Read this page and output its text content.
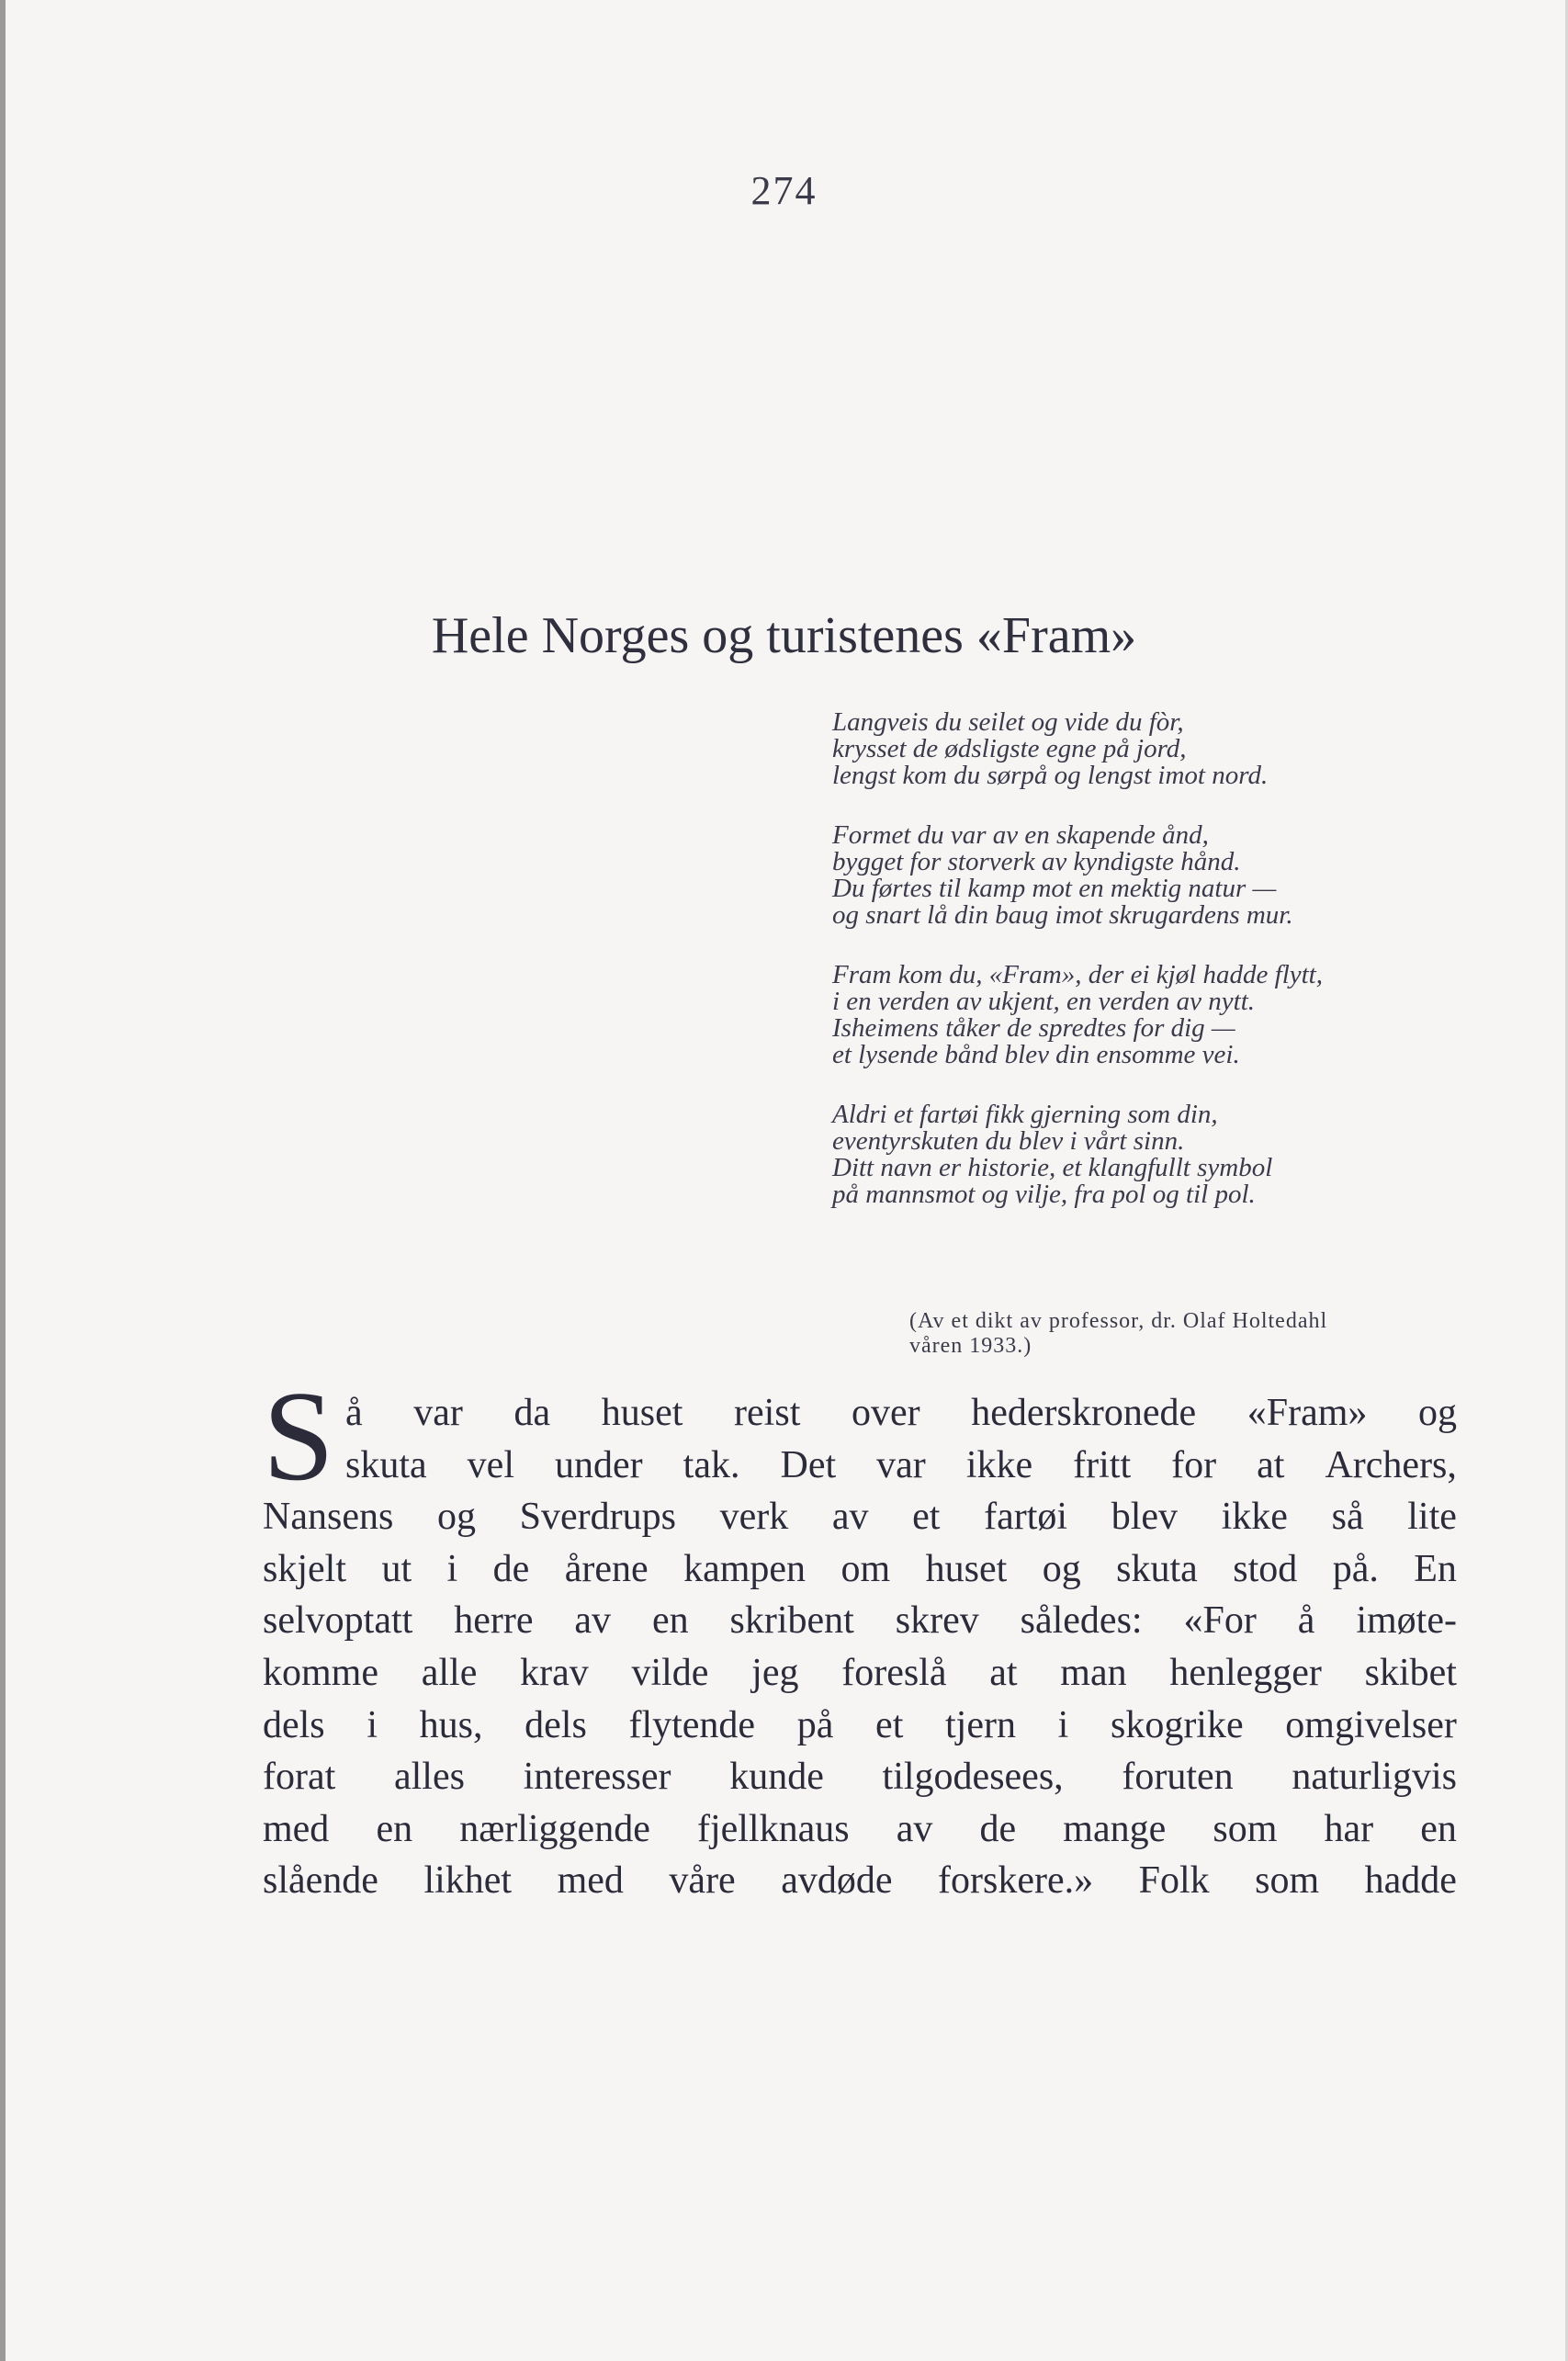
274
Hele Norges og turistenes «Fram»
Langveis du seilet og vide du fòr,
krysset de ødsligste egne på jord,
lengst kom du sørpå og lengst imot nord.
Formet du var av en skapende ånd,
bygget for storverk av kyndigste hånd.
Du førtes til kamp mot en mektig natur —
og snart lå din baug imot skrugardens mur.
Fram kom du, «Fram», der ei kjøl hadde flytt,
i en verden av ukjent, en verden av nytt.
Isheimens tåker de spredtes for dig —
et lysende bånd blev din ensomme vei.
Aldri et fartøi fikk gjerning som din,
eventyrskuten du blev i vårt sinn.
Ditt navn er historie, et klangfullt symbol
på mannsmot og vilje, fra pol og til pol.
(Av et dikt av professor, dr. Olaf Holtedahl
våren 1933.)
S å var da huset reist over hederskronede «Fram» og
skuta vel under tak. Det var ikke fritt for at Archers,
Nansens og Sverdrups verk av et fartøi blev ikke så lite
skjelt ut i de årene kampen om huset og skuta stod på. En
selvoptatt herre av en skribent skrev således: «For å imøte-
komme alle krav vilde jeg foreslå at man henlegger skibet
dels i hus, dels flytende på et tjern i skogrike omgivelser
forat alles interesser kunde tilgodesees, foruten naturligvis
med en nærliggende fjellknaus av de mange som har en
slående likhet med våre avdøde forskere.» Folk som hadde
